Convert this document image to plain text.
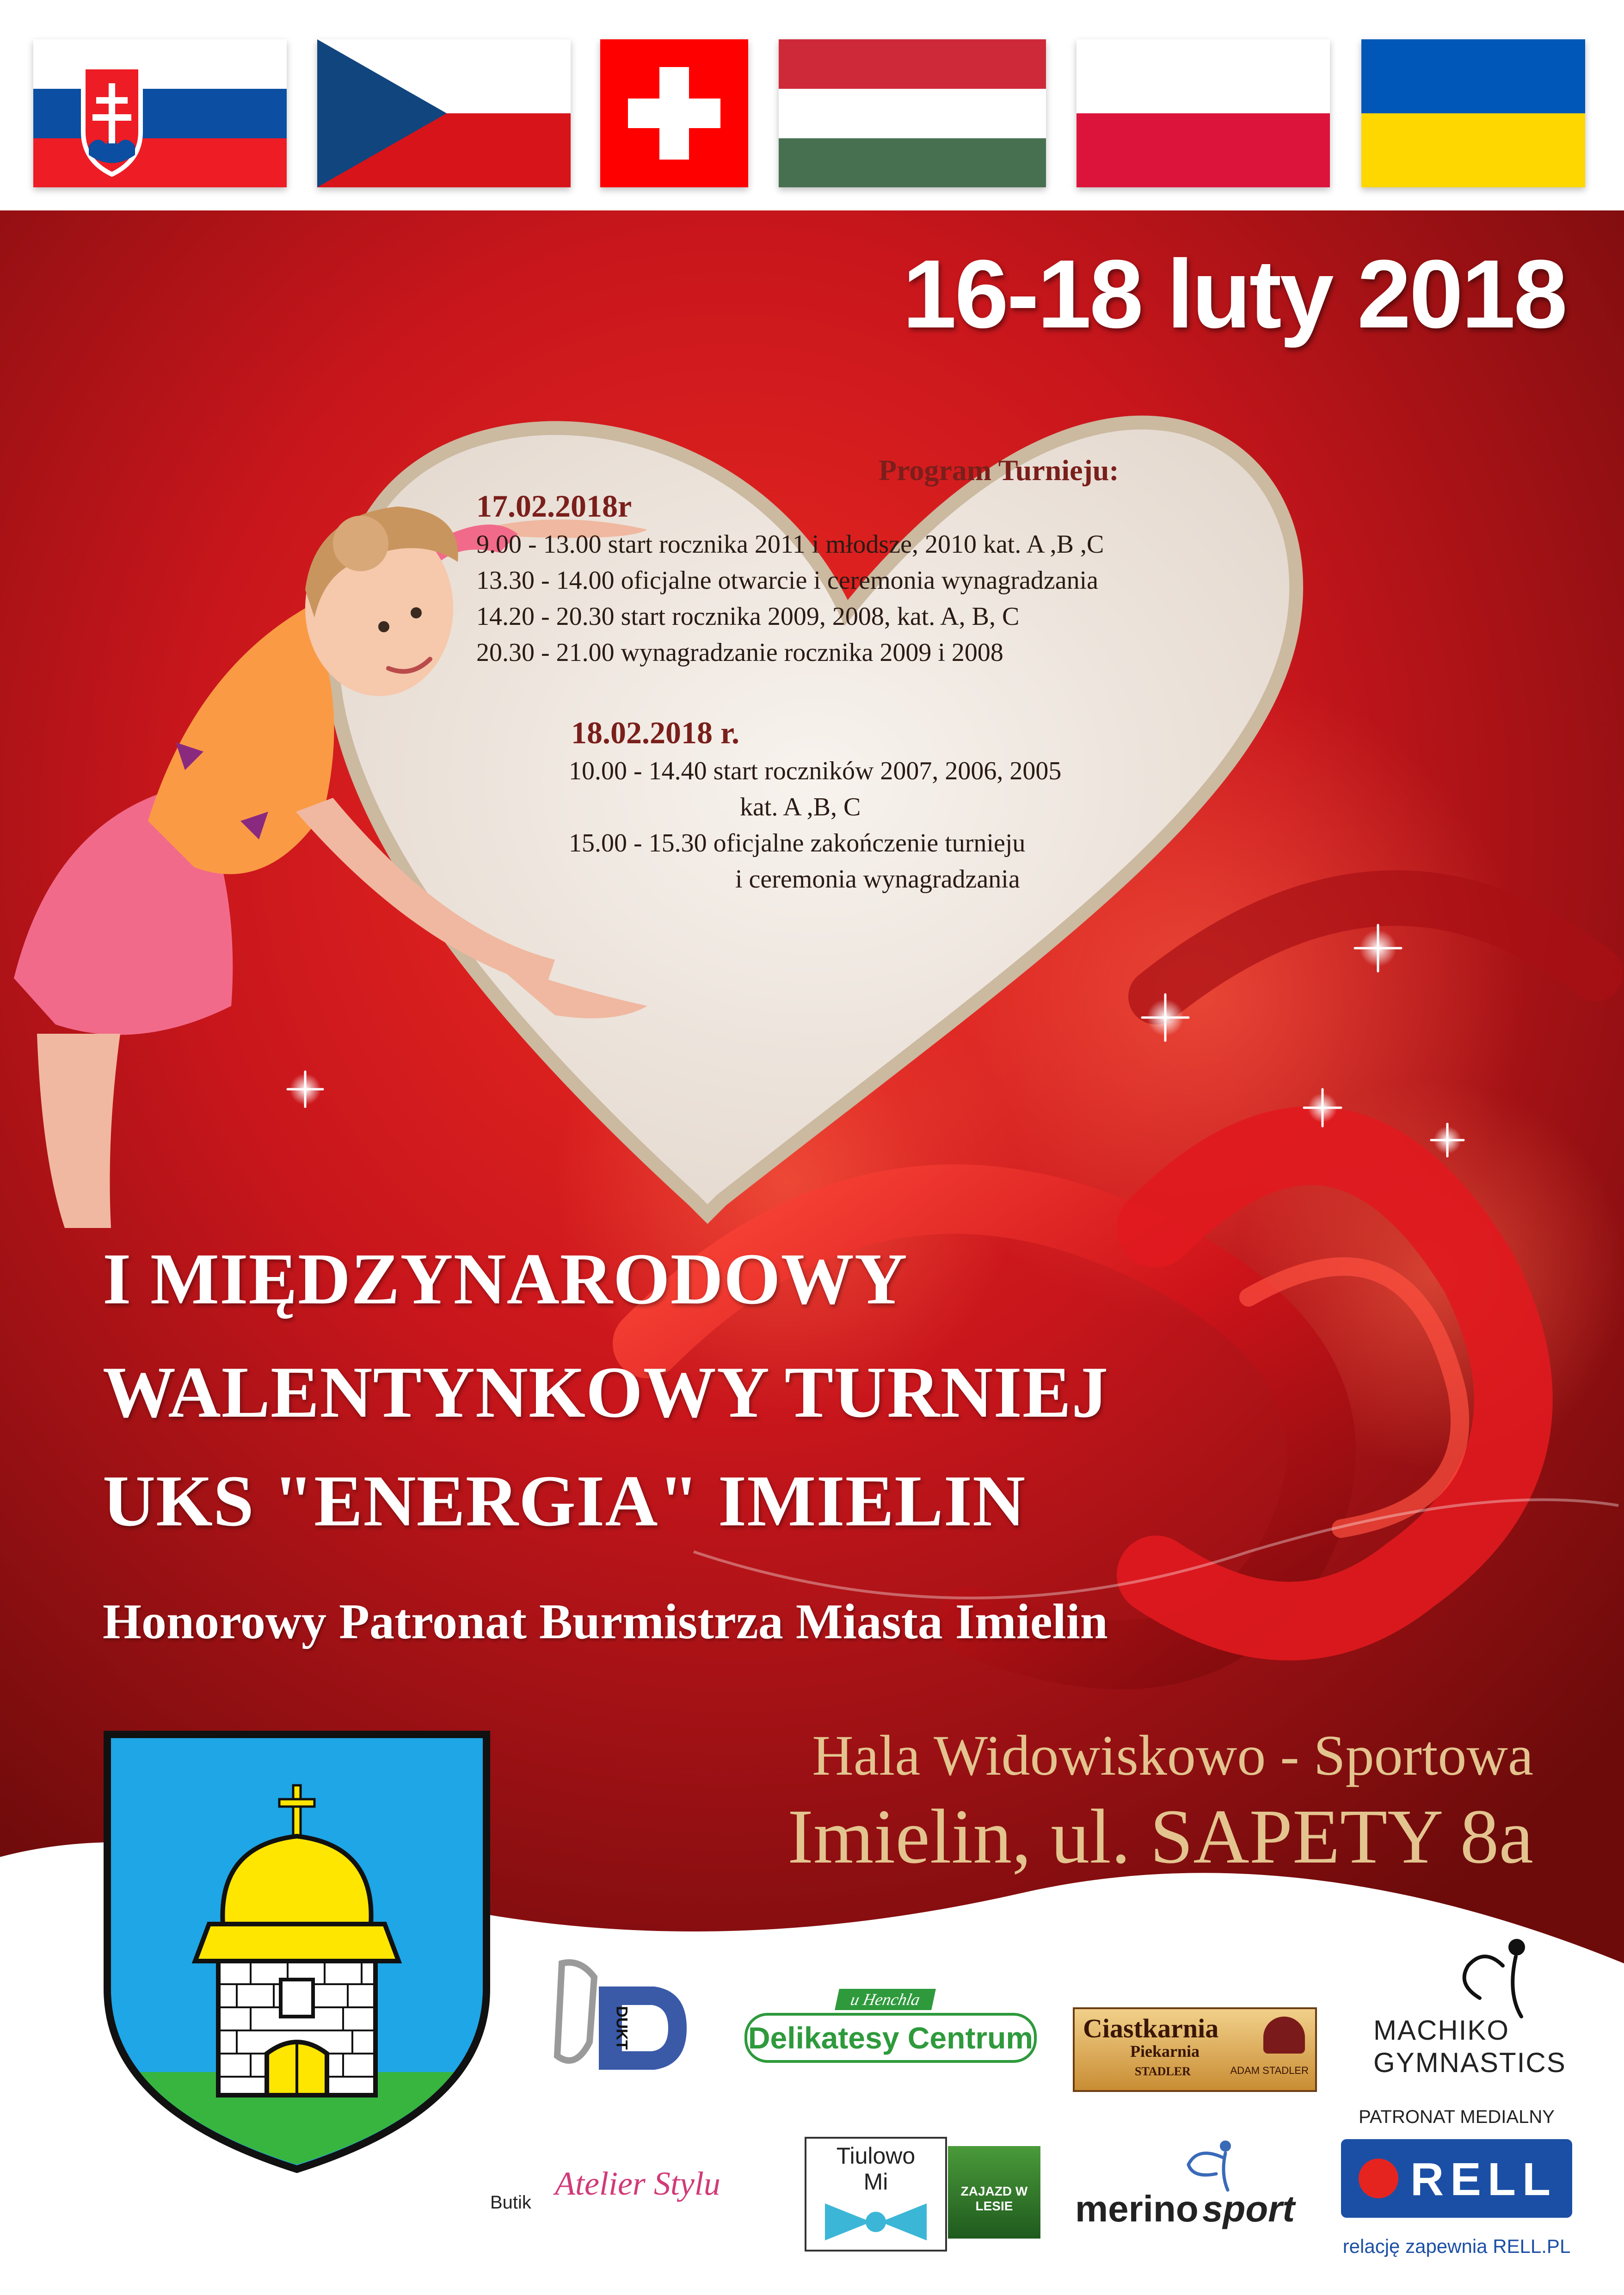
16-18 luty 2018
Program Turnieju:
17.02.2018r
9.00 - 13.00 start rocznika 2011 i młodsze, 2010 kat. A ,B ,C
13.30 - 14.00 oficjalne otwarcie i ceremonia wynagradzania
14.20 - 20.30 start rocznika 2009, 2008, kat. A, B, C
20.30 - 21.00 wynagradzanie rocznika 2009 i 2008
18.02.2018 r.
10.00 - 14.40 start roczników 2007, 2006, 2005
kat. A ,B, C
15.00 - 15.30 oficjalne zakończenie turnieju
i ceremonia wynagradzania
I MIĘDZYNARODOWY
WALENTYNKOWY TURNIEJ
UKS "ENERGIA" IMIELIN
Honorowy Patronat Burmistrza Miasta Imielin
Hala Widowiskowo - Sportowa
Imielin, ul. SAPETY 8a
DUKT
u Henchla
Delikatesy Centrum Ciastkarnia
Piekarnia
STADLER	ADAM STADLER
MACHIKO
GYMNASTICS
Butik
Atelier Stylu
Tiulowo
Mi	ZAJAZD W LESIE	merino sport
PATRONAT MEDIALNY
RELL
relację zapewnia RELL.PL
